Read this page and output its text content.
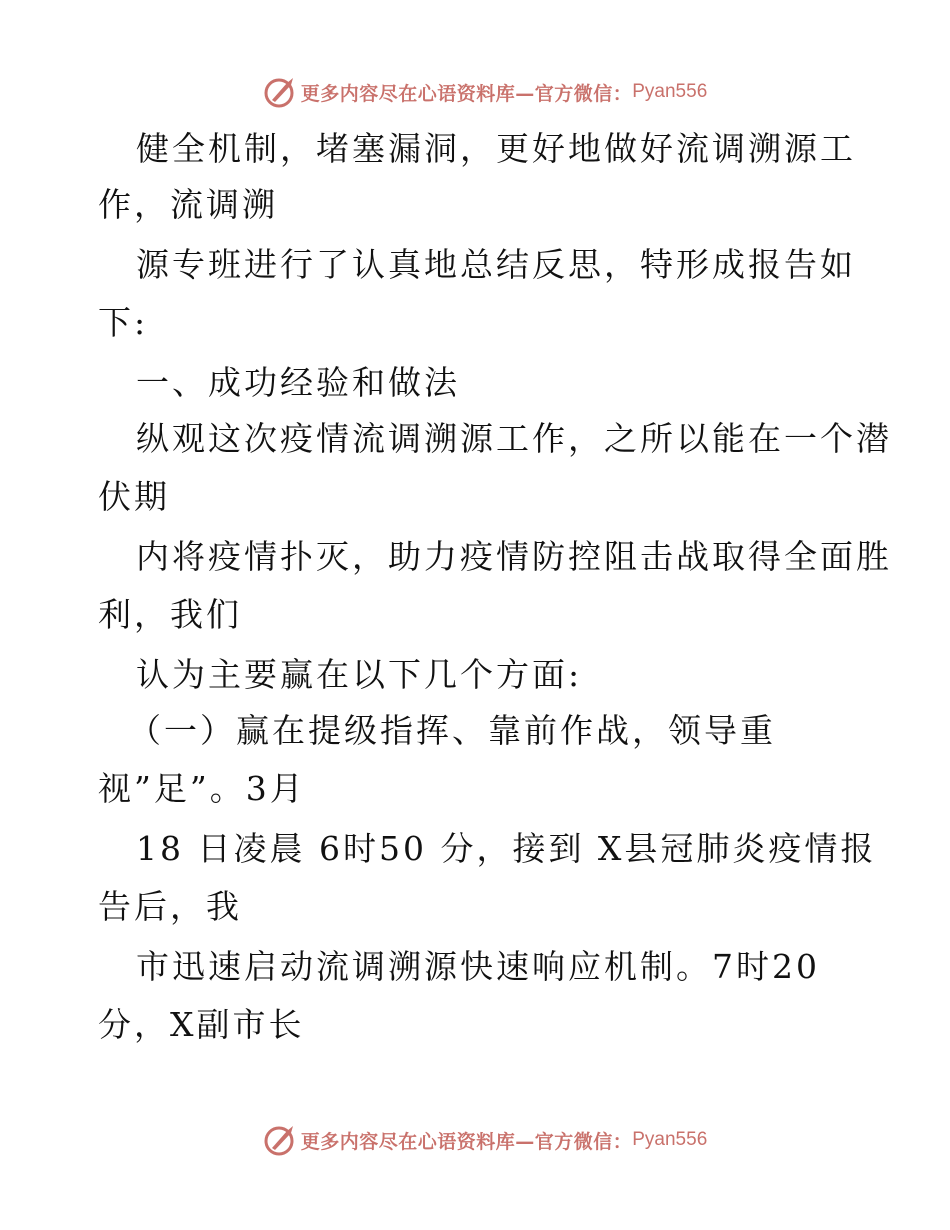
更多内容尽在心语资料库—官方微信： Pyan556
健全机制，堵塞漏洞，更好地做好流调溯源工
作，流调溯
源专班进行了认真地总结反思，特形成报告如
下:
一、成功经验和做法
纵观这次疫情流调溯源工作，之所以能在一个潜
伏期
内将疫情扑灭，助力疫情防控阻击战取得全面胜
利，我们
认为主要赢在以下几个方面:
（一）赢在提级指挥、靠前作战，领导重
视”足”。3月
18 日凌晨 6时50 分，接到 X县冠肺炎疫情报
告后，我
市迅速启动流调溯源快速响应机制。7时20
分，X副市长
更多内容尽在心语资料库—官方微信： Pyan556
